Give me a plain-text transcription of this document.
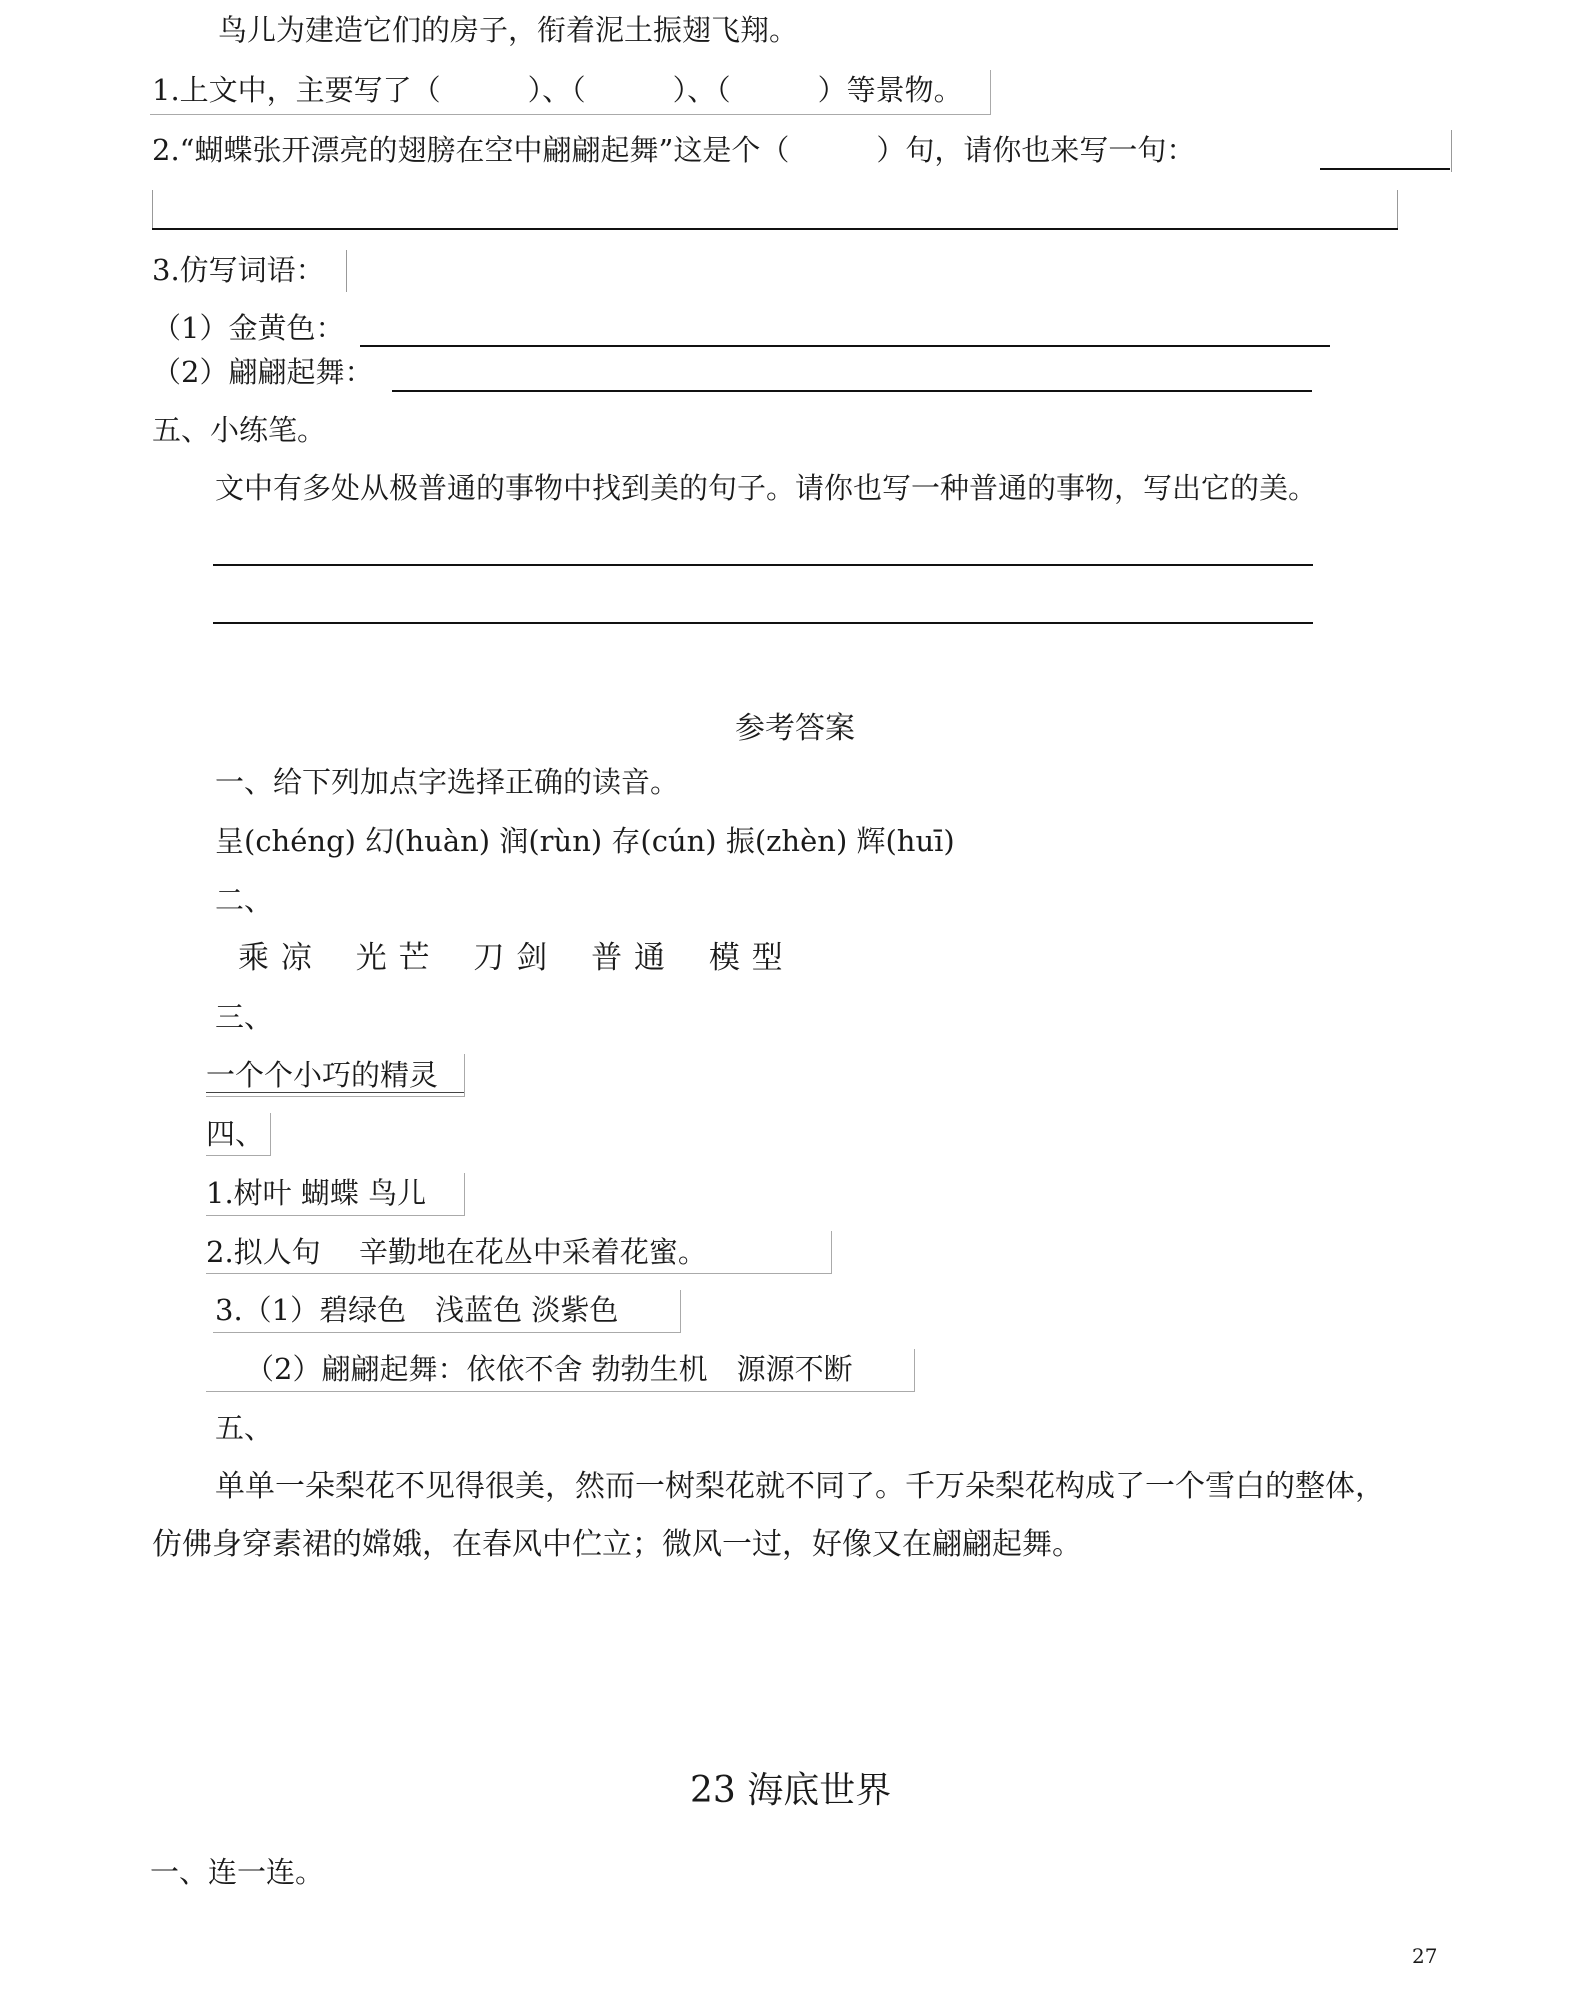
鸟儿为建造它们的房子，衔着泥土振翅飞翔。
1.上文中，主要写了（　　　）、（　　　）、（　　　）等景物。
2.“蝴蝶张开漂亮的翅膀在空中翩翩起舞”这是个（　　　）句，请你也来写一句：
3.仿写词语：
（1）金黄色：
（2）翩翩起舞：
五、小练笔。
文中有多处从极普通的事物中找到美的句子。请你也写一种普通的事物，写出它的美。
参考答案
一、给下列加点字选择正确的读音。
呈(chéng) 幻(huàn) 润(rùn) 存(cún) 振(zhèn) 辉(huī)
二、
乘 凉　 光 芒　 刀 剑　 普 通　 模 型
三、
一个个小巧的精灵
四、
1.树叶 蝴蝶 鸟儿
2.拟人句　 辛勤地在花丛中采着花蜜。
3.（1）碧绿色　浅蓝色 淡紫色
（2）翩翩起舞：依依不舍 勃勃生机　源源不断
五、
单单一朵梨花不见得很美，然而一树梨花就不同了。千万朵梨花构成了一个雪白的整体，
仿佛身穿素裙的嫦娥，在春风中伫立；微风一过，好像又在翩翩起舞。
23 海底世界
一、连一连。
27
